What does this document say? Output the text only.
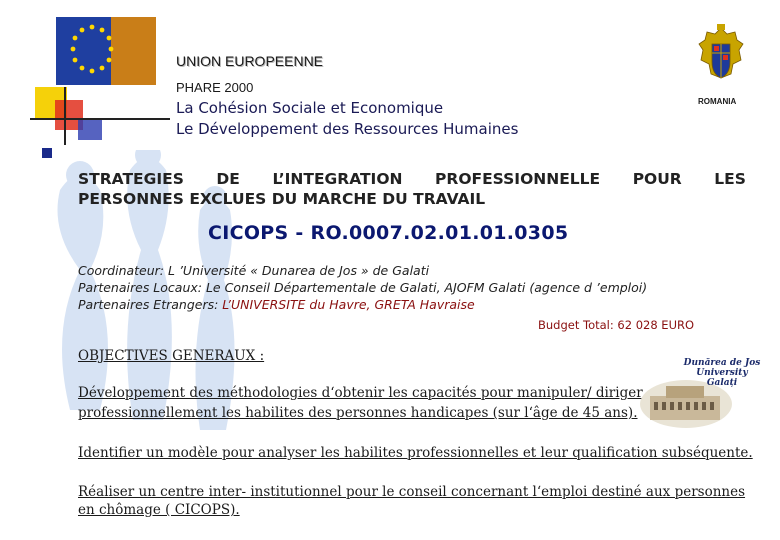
UNION EUROPEENNE
PHARE 2000
La Cohésion Sociale et Economique
Le Développement des Ressources Humaines
ROMANIA
STRATEGIES DE L’INTEGRATION PROFESSIONNELLE POUR LES
PERSONNES EXCLUES DU MARCHE DU TRAVAIL
CICOPS - RO.0007.02.01.01.0305
Coordinateur: L ’Université « Dunarea de Jos » de Galati
Partenaires Locaux: Le Conseil Départementale de Galati, AJOFM Galati (agence d ’emploi)
Partenaires Etrangers: L’UNIVERSITE du Havre, GRETA Havraise
Budget Total: 62 028 EURO
OBJECTIVES GENERAUX :
Développement des méthodologies d‘obtenir les capacités pour manipuler/ diriger
professionnellement les habilites des personnes handicapes (sur l‘âge de 45 ans).
Identifier un modèle pour analyser les habilites professionnelles et leur qualification subséquente.
Réaliser un centre inter- institutionnel pour le conseil concernant l‘emploi destiné aux personnes
en chômage ( CICOPS).
Dunărea de Jos
University
Galați
